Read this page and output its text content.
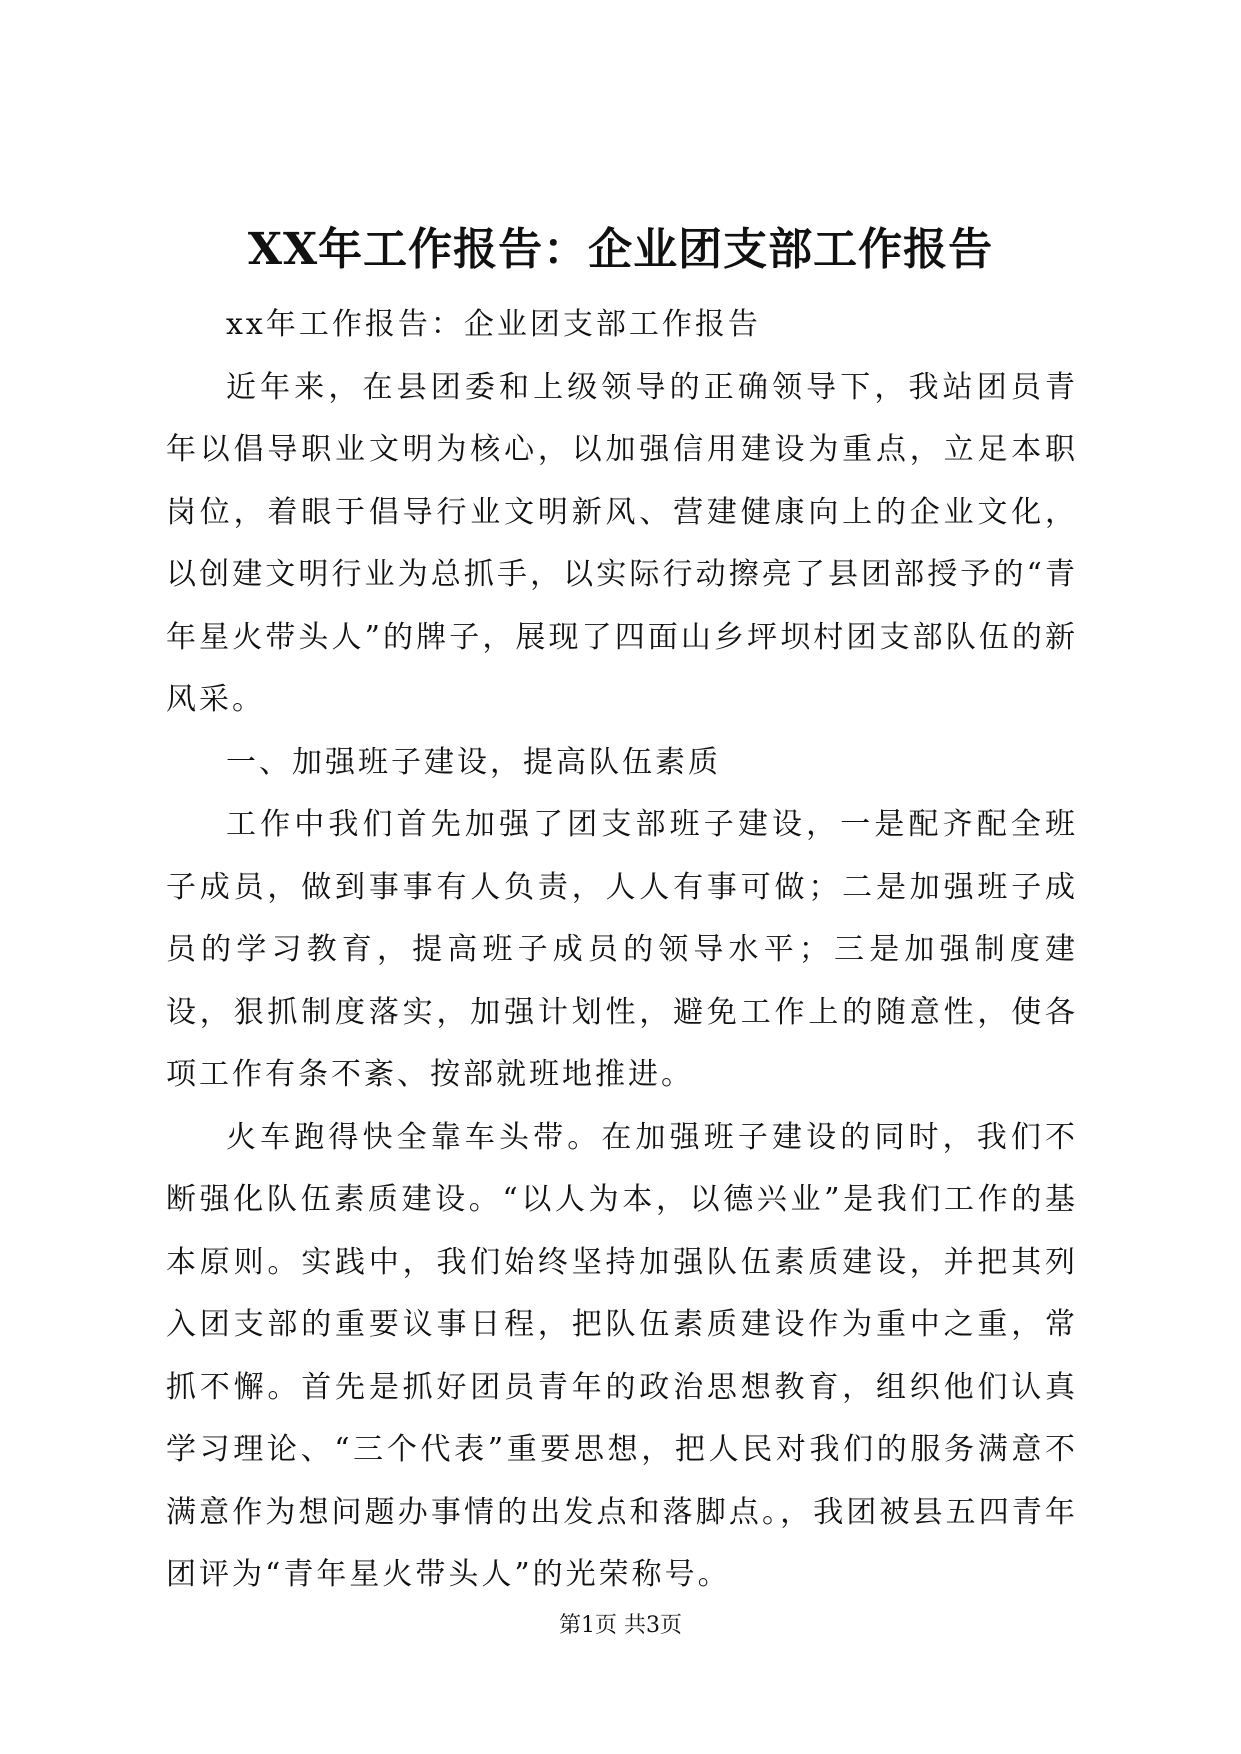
XX年工作报告：企业团支部工作报告

xx年工作报告：企业团支部工作报告

近年来，在县团委和上级领导的正确领导下，我站团员青年以倡导职业文明为核心，以加强信用建设为重点，立足本职岗位，着眼于倡导行业文明新风、营建健康向上的企业文化，以创建文明行业为总抓手，以实际行动擦亮了县团部授予的“青年星火带头人”的牌子，展现了四面山乡坪坝村团支部队伍的新风采。

一、加强班子建设，提高队伍素质

工作中我们首先加强了团支部班子建设，一是配齐配全班子成员，做到事事有人负责，人人有事可做；二是加强班子成员的学习教育，提高班子成员的领导水平；三是加强制度建设，狠抓制度落实，加强计划性，避免工作上的随意性，使各项工作有条不紊、按部就班地推进。

火车跑得快全靠车头带。在加强班子建设的同时，我们不断强化队伍素质建设。“以人为本，以德兴业”是我们工作的基本原则。实践中，我们始终坚持加强队伍素质建设，并把其列入团支部的重要议事日程，把队伍素质建设作为重中之重，常抓不懈。首先是抓好团员青年的政治思想教育，组织他们认真学习理论、“三个代表”重要思想，把人民对我们的服务满意不满意作为想问题办事情的出发点和落脚点。，我团被县五四青年团评为“青年星火带头人”的光荣称号。

第1页 共3页
